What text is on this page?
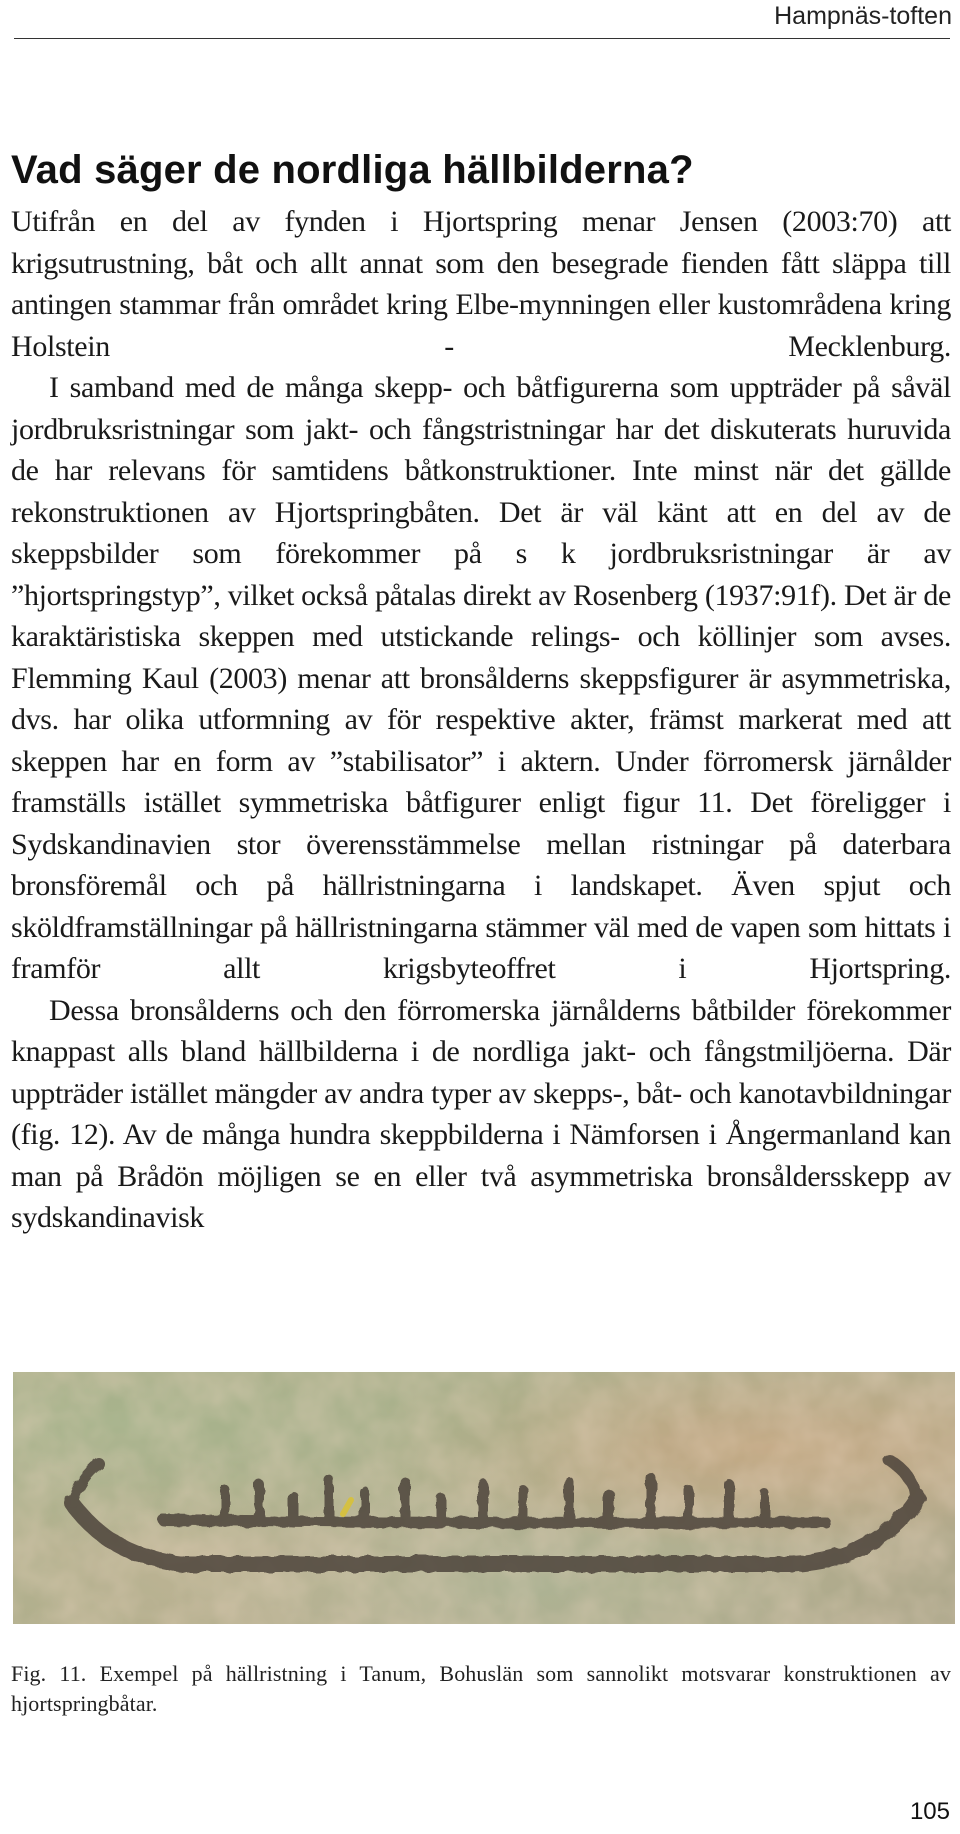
Hampnäs-toften
Vad säger de nordliga hällbilderna?

Utifrån en del av fynden i Hjortspring menar Jensen (2003:70) att krigsutrustning, båt och allt annat som den besegrade fienden fått släppa till antingen stammar från området kring Elbe-mynningen eller kustområdena kring Holstein - Mecklenburg.

I samband med de många skepp- och båtfigurerna som uppträder på såväl jordbruksristningar som jakt- och fångstristningar har det diskuterats huruvida de har relevans för samtidens båtkonstruktioner. Inte minst när det gällde rekonstruktionen av Hjortspringbåten. Det är väl känt att en del av de skeppsbilder som förekommer på s k jordbruksristningar är av ”hjortspringstyp”, vilket också påtalas direkt av Rosenberg (1937:91f). Det är de karaktäristiska skeppen med utstickande relings- och köllinjer som avses. Flemming Kaul (2003) menar att bronsålderns skeppsfigurer är asymmetriska, dvs. har olika utformning av för respektive akter, främst markerat med att skeppen har en form av ”stabilisator” i aktern. Under förromersk järnålder framställs istället symmetriska båtfigurer enligt figur 11. Det föreligger i Sydskandinavien stor överensstämmelse mellan ristningar på daterbara bronsföremål och på hällristningarna i landskapet. Även spjut och sköldframställningar på hällristningarna stämmer väl med de vapen som hittats i framför allt krigsbyteoffret i Hjortspring.

Dessa bronsålderns och den förromerska järnålderns båtbilder förekommer knappast alls bland hällbilderna i de nordliga jakt- och fångstmiljöerna. Där uppträder istället mängder av andra typer av skepps-, båt- och kanotavbildningar (fig. 12). Av de många hundra skeppbilderna i Nämforsen i Ångermanland kan man på Brådön möjligen se en eller två asymmetriska bronsåldersskepp av sydskandinavisk

Fig. 11. Exempel på hällristning i Tanum, Bohuslän som sannolikt motsvarar konstruktionen av hjortspringbåtar.

105
